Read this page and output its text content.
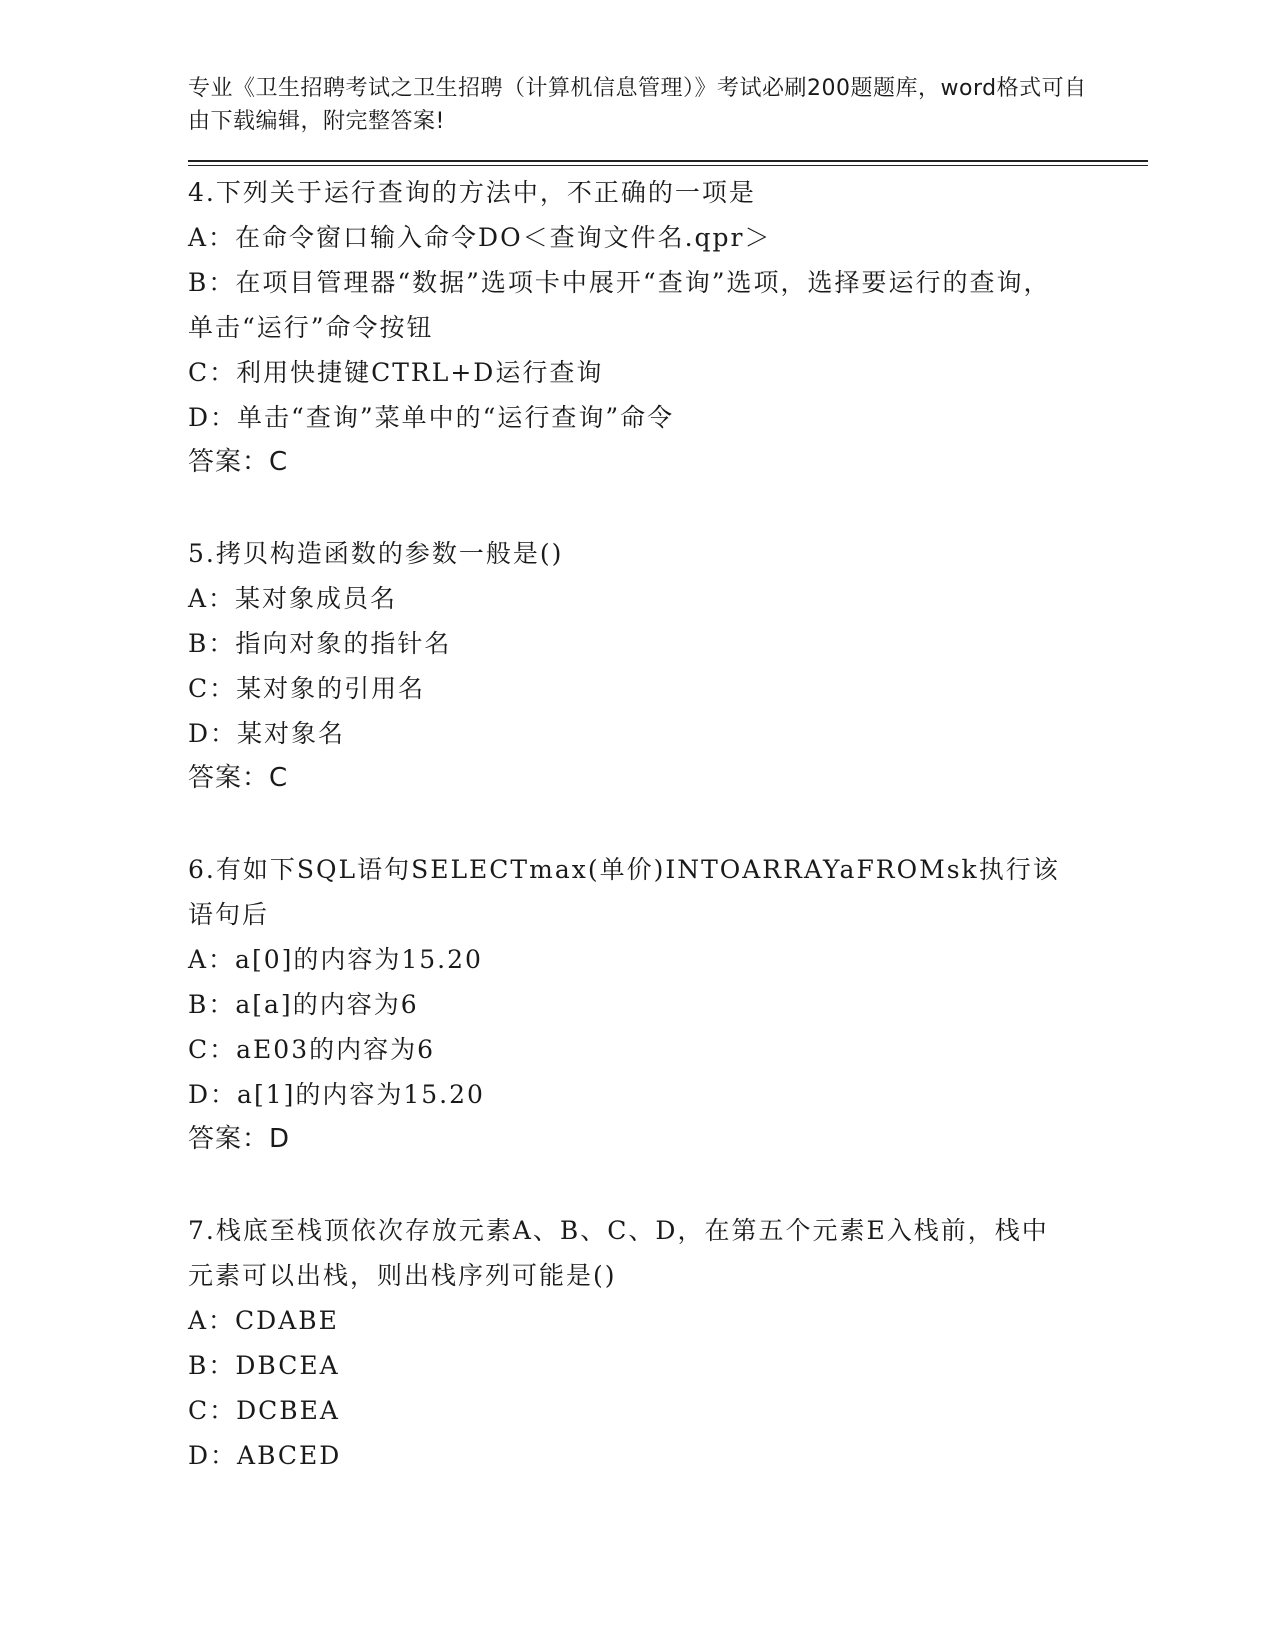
专业《卫生招聘考试之卫生招聘（计算机信息管理）》考试必刷200题题库，word格式可自由下载编辑，附完整答案!
4.下列关于运行查询的方法中，不正确的一项是
A：在命令窗口输入命令DO＜查询文件名.qpr＞
B：在项目管理器“数据”选项卡中展开“查询”选项，选择要运行的查询，单击“运行”命令按钮
C：利用快捷键CTRL+D运行查询
D：单击“查询”菜单中的“运行查询”命令
答案：C
5.拷贝构造函数的参数一般是()
A：某对象成员名
B：指向对象的指针名
C：某对象的引用名
D：某对象名
答案：C
6.有如下SQL语句SELECTmax(单价)INTOARRAYaFROMsk执行该语句后
A：a[0]的内容为15.20
B：a[a]的内容为6
C：aE03的内容为6
D：a[1]的内容为15.20
答案：D
7.栈底至栈顶依次存放元素A、B、C、D，在第五个元素E入栈前，栈中元素可以出栈，则出栈序列可能是()
A：CDABE
B：DBCEA
C：DCBEA
D：ABCED
